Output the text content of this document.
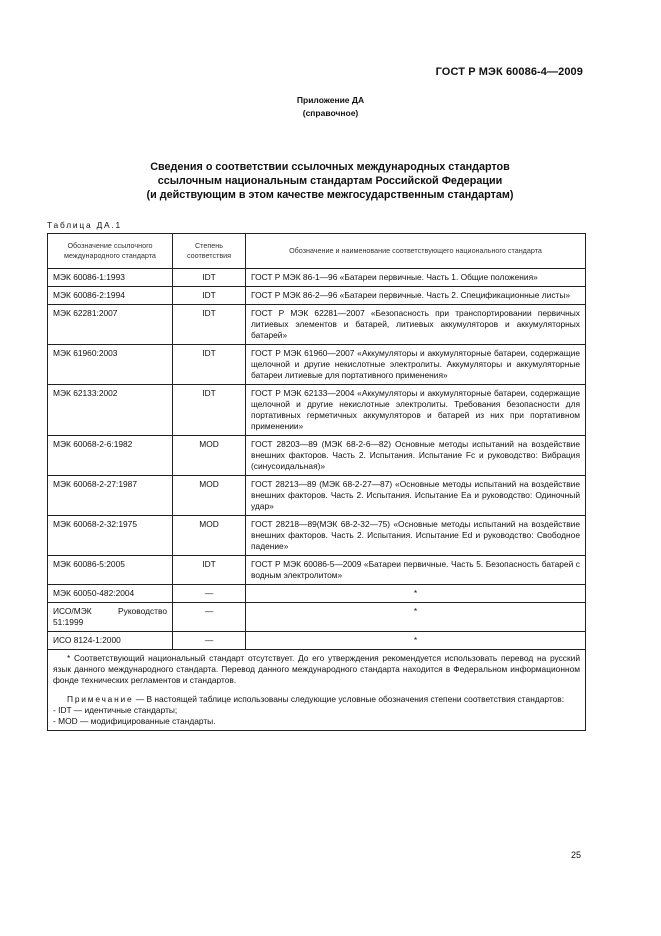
ГОСТ Р МЭК 60086-4—2009
Приложение ДА
(справочное)
Сведения о соответствии ссылочных международных стандартов
ссылочным национальным стандартам Российской Федерации
(и действующим в этом качестве межгосударственным стандартам)
Таблица ДА.1
Обозначение ссылочного международного стандарта	Степень соответствия	Обозначение и наименование соответствующего национального стандарта
МЭК 60086-1:1993	IDT	ГОСТ Р МЭК 86-1—96 «Батареи первичные. Часть 1. Общие положения»
МЭК 60086-2:1994	IDT	ГОСТ Р МЭК 86-2—96 «Батареи первичные. Часть 2. Спецификационные листы»
МЭК 62281:2007	IDT	ГОСТ Р МЭК 62281—2007 «Безопасность при транспортировании первичных литиевых элементов и батарей, литиевых аккумуляторов и аккумуляторных батарей»
МЭК 61960:2003	IDT	ГОСТ Р МЭК 61960—2007 «Аккумуляторы и аккумуляторные батареи, содержащие щелочной и другие некислотные электролиты. Аккумуляторы и аккумуляторные батареи литиевые для портативного применения»
МЭК 62133:2002	IDT	ГОСТ Р МЭК 62133—2004 «Аккумуляторы и аккумуляторные батареи, содержащие щелочной и другие некислотные электролиты. Требования безопасности для портативных герметичных аккумуляторов и батарей из них при портативном применении»
МЭК 60068-2-6:1982	MOD	ГОСТ 28203—89 (МЭК 68-2-6—82) Основные методы испытаний на воздействие внешних факторов. Часть 2. Испытания. Испытание Fc и руководство: Вибрация (синусоидальная)»
МЭК 60068-2-27:1987	MOD	ГОСТ 28213—89 (МЭК 68-2-27—87) «Основные методы испытаний на воздействие внешних факторов. Часть 2. Испытания. Испытание Ea и руководство: Одиночный удар»
МЭК 60068-2-32:1975	MOD	ГОСТ 28218—89(МЭК 68-2-32—75) «Основные методы испытаний на воздействие внешних факторов. Часть 2. Испытания. Испытание Ed и руководство: Свободное падение»
МЭК 60086-5:2005	IDT	ГОСТ Р МЭК 60086-5—2009 «Батареи первичные. Часть 5. Безопасность батарей с водным электролитом»
МЭК 60050-482:2004	—	*
ИСО/МЭК Руководство 51:1999	—	*
ИСО 8124-1:2000	—	*

* Соответствующий национальный стандарт отсутствует. До его утверждения рекомендуется использовать перевод на русский язык данного международного стандарта. Перевод данного международного стандарта находится в Федеральном информационном фонде технических регламентов и стандартов.

Примечание — В настоящей таблице использованы следующие условные обозначения степени соответствия стандартов:

- IDT — идентичные стандарты;

- MOD — модифицированные стандарты.		

25
